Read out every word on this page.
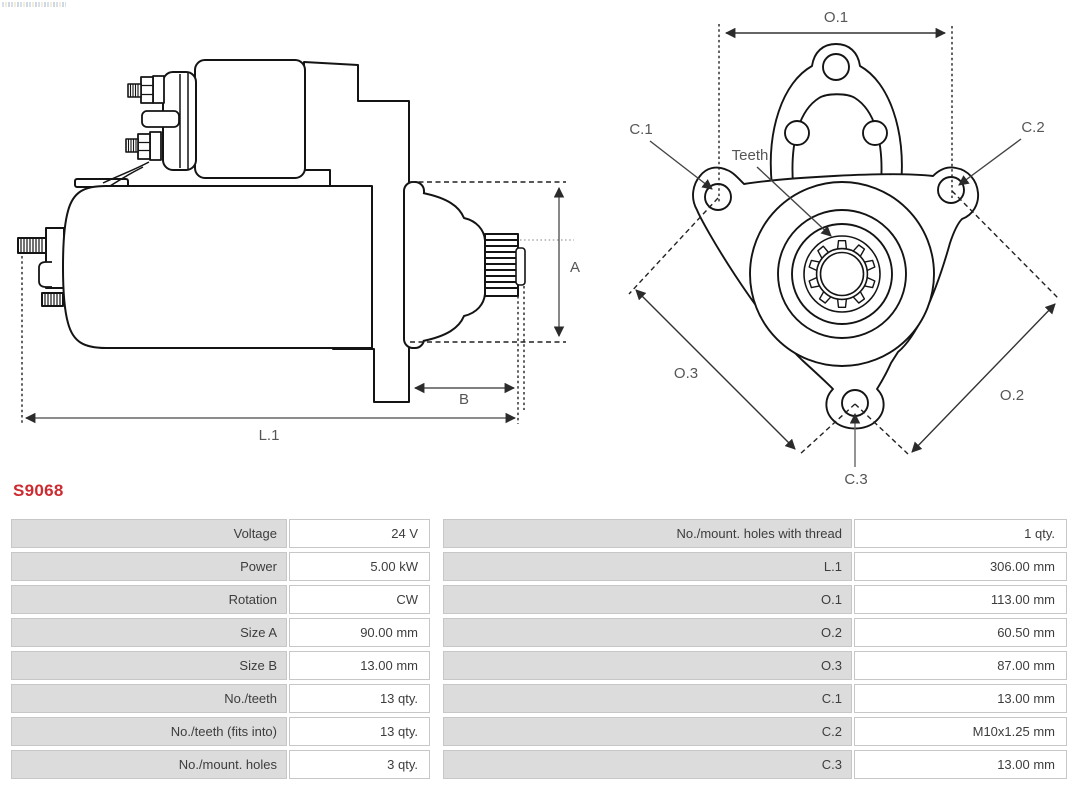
A
B
L.1
O.1
C.1	C.2
Teeth
O.3
O.2
C.3
S9068
Voltage	24 V
Power	5.00 kW
Rotation	CW
Size A	90.00 mm
Size B	13.00 mm
No./teeth	13 qty.
No./teeth (fits into)	13 qty.
No./mount. holes	3 qty.
No./mount. holes with thread	1 qty.
L.1	306.00 mm
O.1	113.00 mm
O.2	60.50 mm
O.3	87.00 mm
C.1	13.00 mm
C.2	M10x1.25 mm
C.3	13.00 mm
